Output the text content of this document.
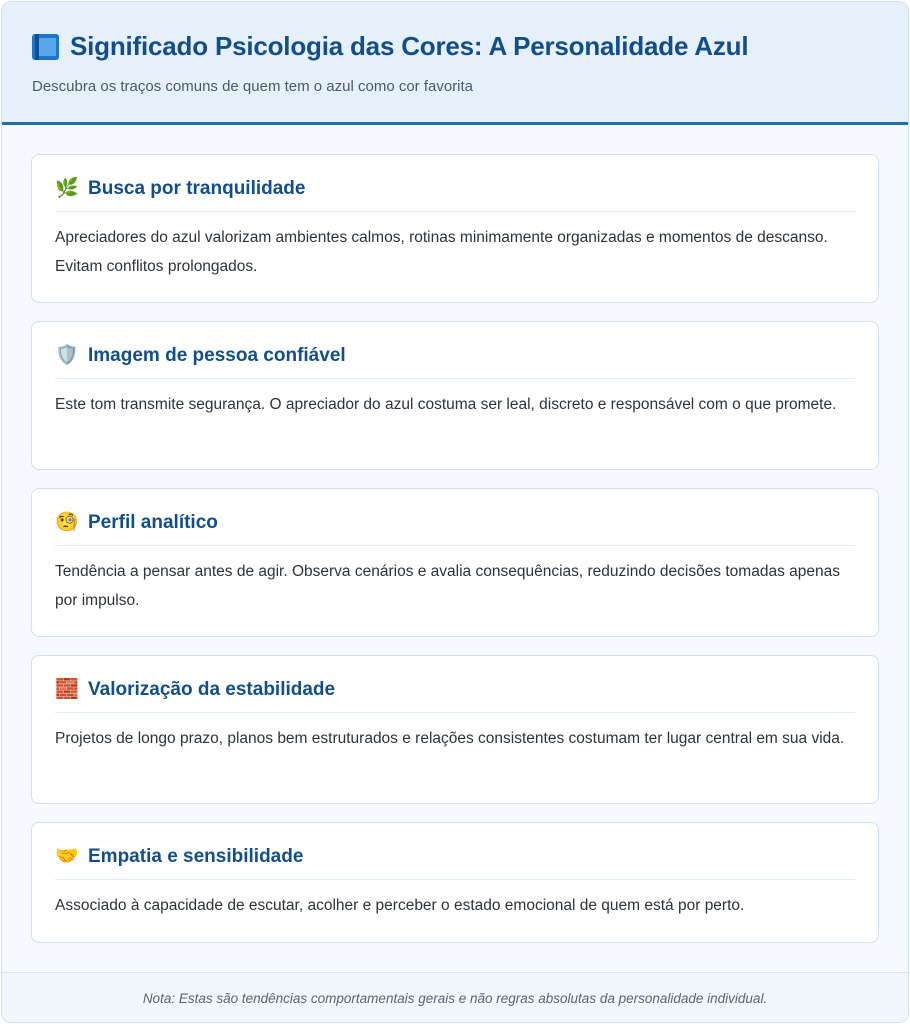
Significado Psicologia das Cores: A Personalidade Azul

Descubra os traços comuns de quem tem o azul como cor favorita

🌿 Busca por tranquilidade

Apreciadores do azul valorizam ambientes calmos, rotinas minimamente organizadas e momentos de descanso. Evitam conflitos prolongados.

🛡️ Imagem de pessoa confiável

Este tom transmite segurança. O apreciador do azul costuma ser leal, discreto e responsável com o que promete.

🧐 Perfil analítico

Tendência a pensar antes de agir. Observa cenários e avalia consequências, reduzindo decisões tomadas apenas por impulso.

🧱 Valorização da estabilidade

Projetos de longo prazo, planos bem estruturados e relações consistentes costumam ter lugar central em sua vida.

🤝 Empatia e sensibilidade

Associado à capacidade de escutar, acolher e perceber o estado emocional de quem está por perto.

Nota: Estas são tendências comportamentais gerais e não regras absolutas da personalidade individual.
